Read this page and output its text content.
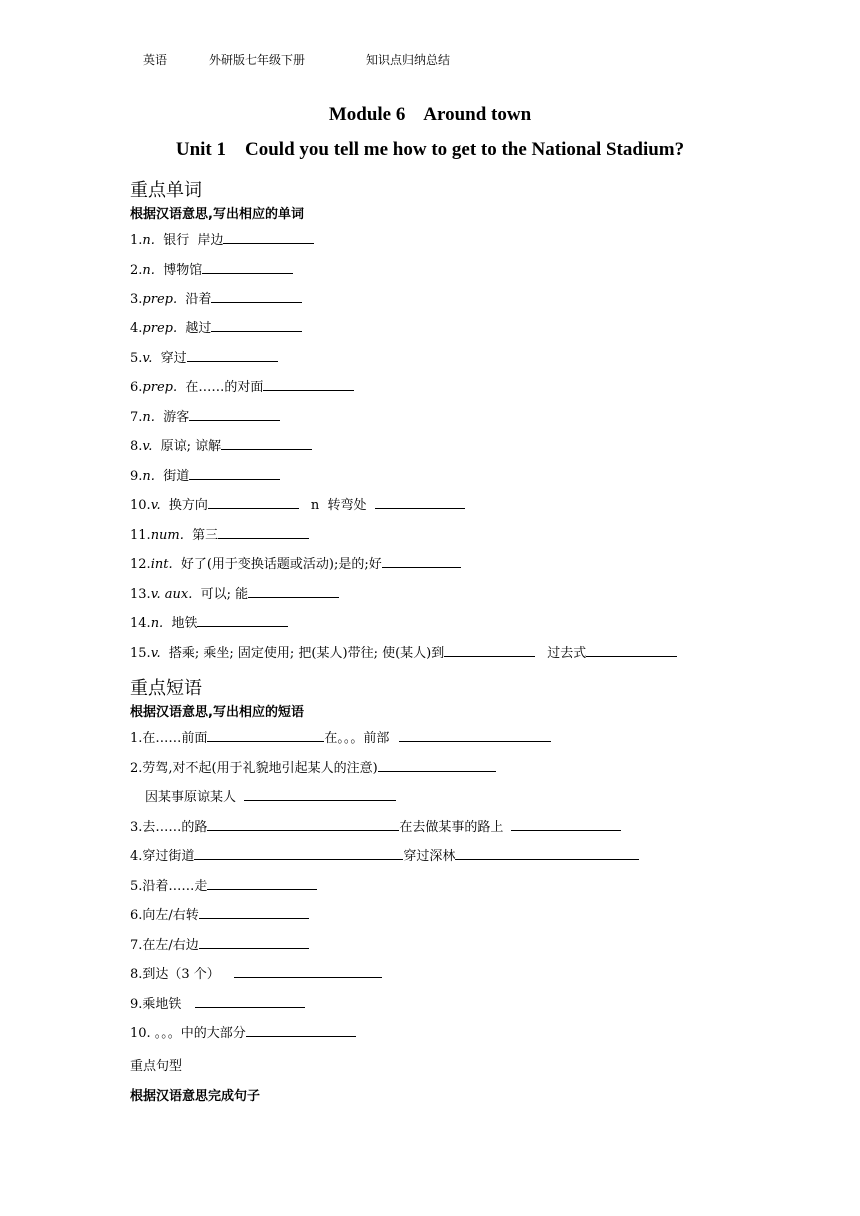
英语	外研版七年级下册	知识点归纳总结
Module 6    Around town
Unit 1    Could you tell me how to get to the National Stadium?
重点单词
根据汉语意思,写出相应的单词
1.n. 银行  岸边
2.n. 博物馆
3.prep. 沿着
4.prep. 越过
5.v. 穿过
6.prep. 在……的对面
7.n. 游客
8.v. 原谅; 谅解
9.n. 街道
10.v. 换方向	n  转弯处
11.num. 第三
12.int. 好了(用于变换话题或活动);是的;好
13.v. aux. 可以; 能
14.n. 地铁
15.v. 搭乘; 乘坐; 固定使用; 把(某人)带往; 使(某人)到	过去式
重点短语
根据汉语意思,写出相应的短语
1.在……前面	在。。。前部
2.劳驾,对不起(用于礼貌地引起某人的注意)
因某事原谅某人
3.去……的路	在去做某事的路上
4.穿过街道	穿过深林
5.沿着……走
6.向左/右转
7.在左/右边
8.到达（3 个）
9.乘地铁
10. 。。。中的大部分
重点句型
根据汉语意思完成句子
